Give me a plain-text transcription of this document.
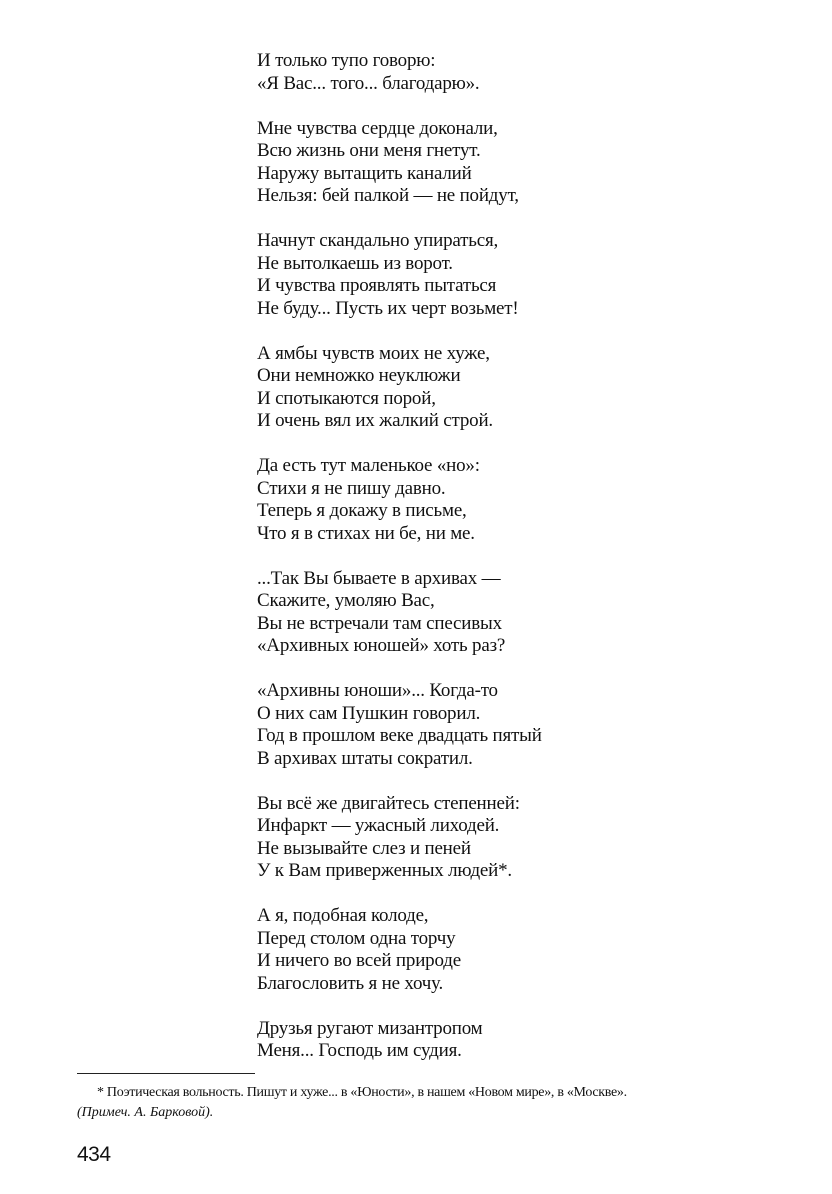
И только тупо говорю:
«Я Вас... того... благодарю».
Мне чувства сердце доконали,
Всю жизнь они меня гнетут.
Наружу вытащить каналий
Нельзя: бей палкой — не пойдут,
Начнут скандально упираться,
Не вытолкаешь из ворот.
И чувства проявлять пытаться
Не буду... Пусть их черт возьмет!
А ямбы чувств моих не хуже,
Они немножко неуклюжи
И спотыкаются порой,
И очень вял их жалкий строй.
Да есть тут маленькое «но»:
Стихи я не пишу давно.
Теперь я докажу в письме,
Что я в стихах ни бе, ни ме.
...Так Вы бываете в архивах —
Скажите, умоляю Вас,
Вы не встречали там спесивых
«Архивных юношей» хоть раз?
«Архивны юноши»... Когда-то
О них сам Пушкин говорил.
Год в прошлом веке двадцать пятый
В архивах штаты сократил.
Вы всё же двигайтесь степенней:
Инфаркт — ужасный лиходей.
Не вызывайте слез и пеней
У к Вам приверженных людей*.
А я, подобная колоде,
Перед столом одна торчу
И ничего во всей природе
Благословить я не хочу.
Друзья ругают мизантропом
Меня... Господь им судия.
* Поэтическая вольность. Пишут и хуже... в «Юности», в нашем «Новом мире», в «Москве».
(Примеч. А. Барковой).
434
